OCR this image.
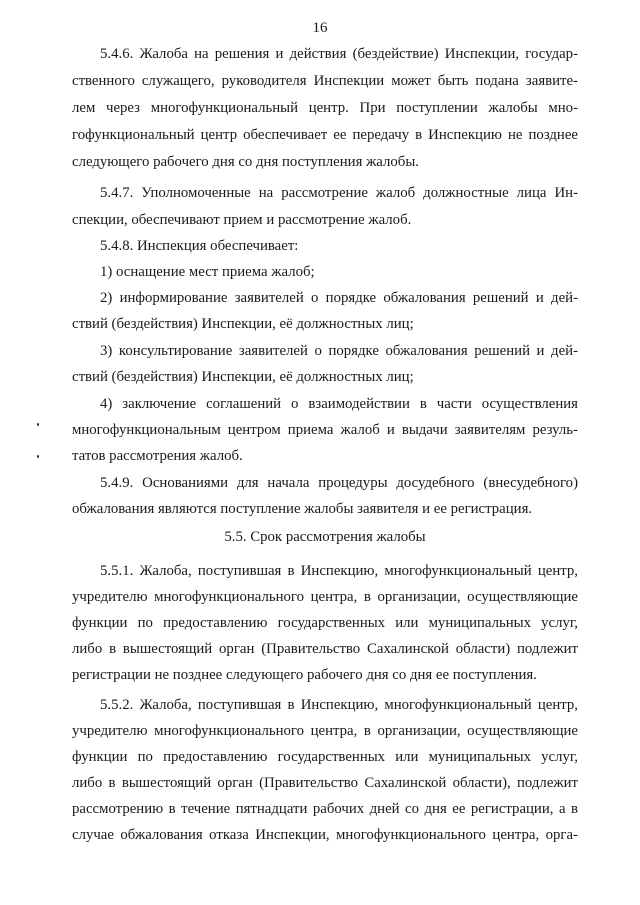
16
5.4.6. Жалоба на решения и действия (бездействие) Инспекции, государ-
ственного служащего, руководителя Инспекции может быть подана заявите-
лем через многофункциональный центр. При поступлении жалобы мно-
гофункциональный центр обеспечивает ее передачу в Инспекцию не позднее
следующего рабочего дня со дня поступления жалобы.
5.4.7. Уполномоченные на рассмотрение жалоб должностные лица Ин-
спекции, обеспечивают прием и рассмотрение жалоб.
5.4.8. Инспекция обеспечивает:
1) оснащение мест приема жалоб;
2) информирование заявителей о порядке обжалования решений и дей-
ствий (бездействия) Инспекции, её должностных лиц;
3) консультирование заявителей о порядке обжалования решений и дей-
ствий (бездействия) Инспекции, её должностных лиц;
4) заключение соглашений о взаимодействии в части осуществления
многофункциональным центром приема жалоб и выдачи заявителям резуль-
татов рассмотрения жалоб.
5.4.9. Основаниями для начала процедуры досудебного (внесудебного)
обжалования являются поступление жалобы заявителя и ее регистрация.
5.5. Срок рассмотрения жалобы
5.5.1. Жалоба, поступившая в Инспекцию, многофункциональный центр,
учредителю многофункционального центра, в организации, осуществляющие
функции по предоставлению государственных или муниципальных услуг,
либо в вышестоящий орган (Правительство Сахалинской области) подлежит
регистрации не позднее следующего рабочего дня со дня ее поступления.
5.5.2. Жалоба, поступившая в Инспекцию, многофункциональный центр,
учредителю многофункционального центра, в организации, осуществляющие
функции по предоставлению государственных или муниципальных услуг,
либо в вышестоящий орган (Правительство Сахалинской области), подлежит
рассмотрению в течение пятнадцати рабочих дней со дня ее регистрации, а в
случае обжалования отказа Инспекции, многофункционального центра, орга-
